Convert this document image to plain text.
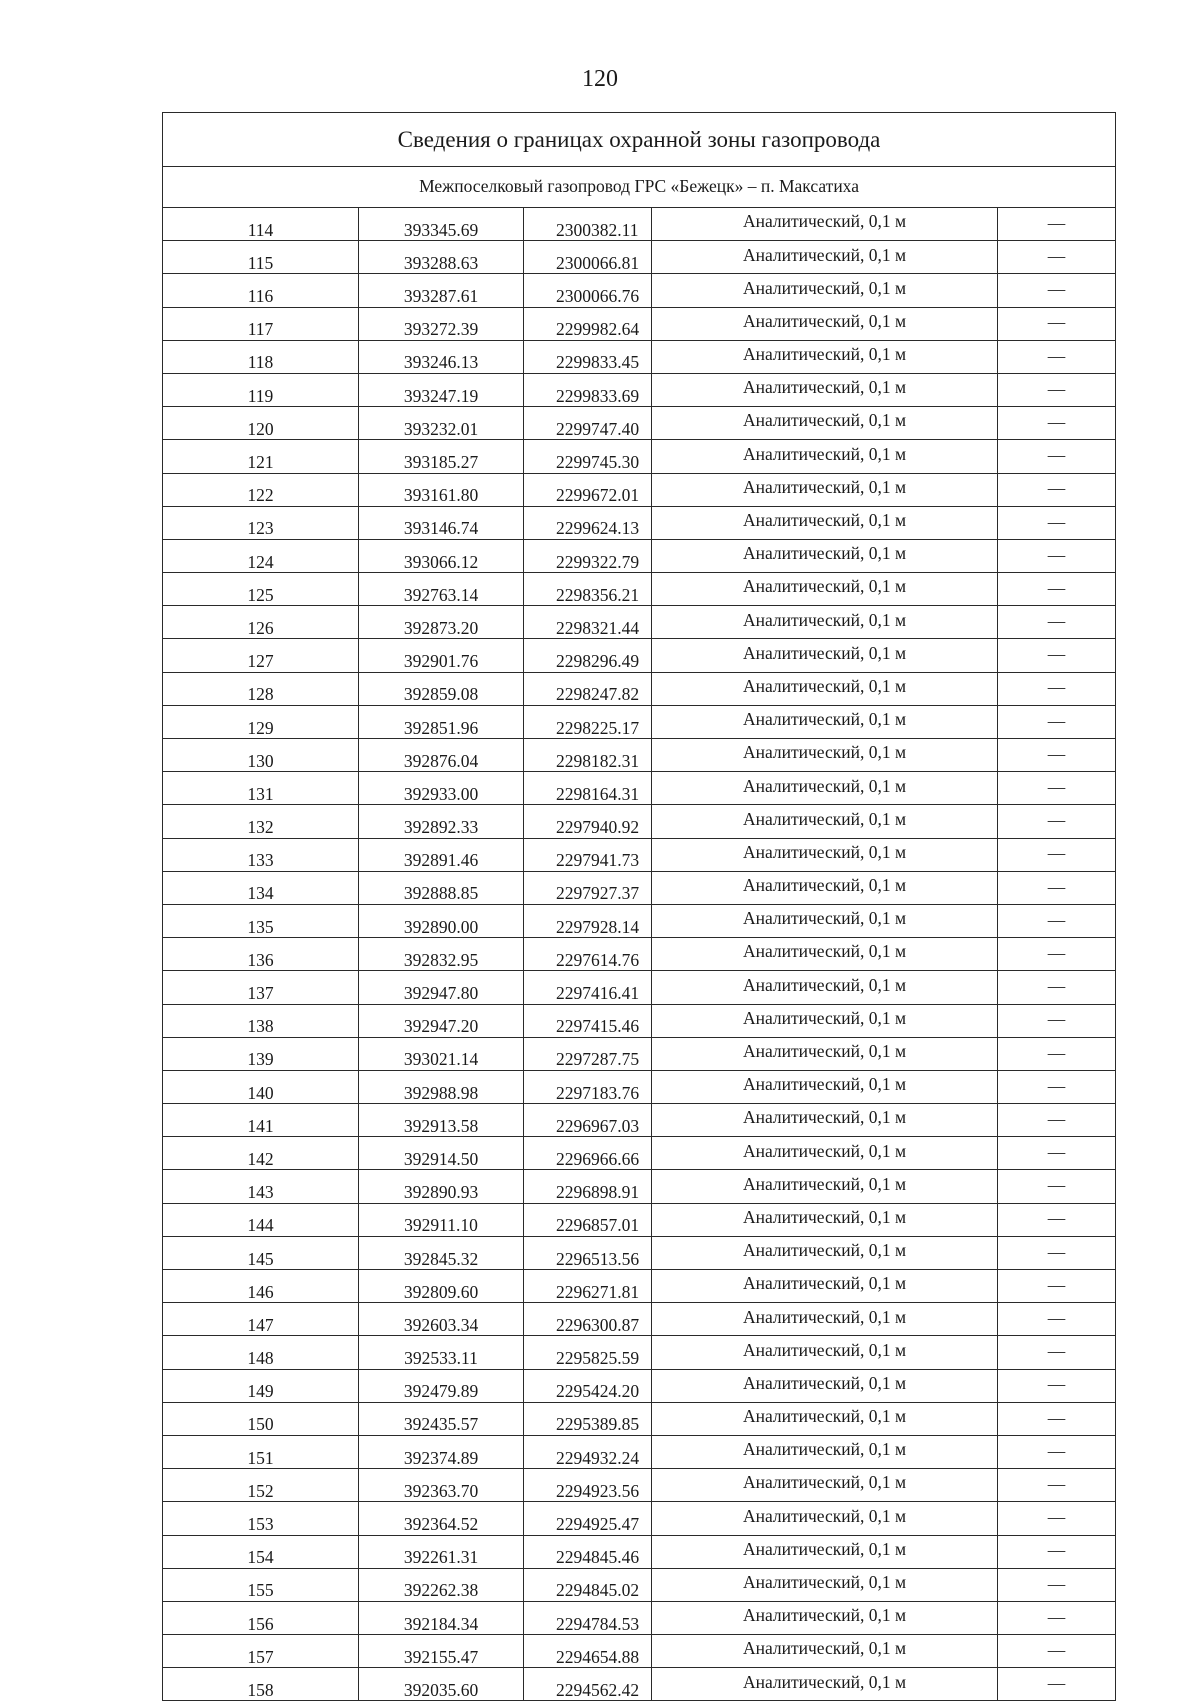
120
Сведения о границах охранной зоны газопровода				
Межпоселковый газопровод ГРС «Бежецк» – п. Максатиха				
114	393345.69	2300382.11	Аналитический, 0,1 м	—
115	393288.63	2300066.81	Аналитический, 0,1 м	—
116	393287.61	2300066.76	Аналитический, 0,1 м	—
117	393272.39	2299982.64	Аналитический, 0,1 м	—
118	393246.13	2299833.45	Аналитический, 0,1 м	—
119	393247.19	2299833.69	Аналитический, 0,1 м	—
120	393232.01	2299747.40	Аналитический, 0,1 м	—
121	393185.27	2299745.30	Аналитический, 0,1 м	—
122	393161.80	2299672.01	Аналитический, 0,1 м	—
123	393146.74	2299624.13	Аналитический, 0,1 м	—
124	393066.12	2299322.79	Аналитический, 0,1 м	—
125	392763.14	2298356.21	Аналитический, 0,1 м	—
126	392873.20	2298321.44	Аналитический, 0,1 м	—
127	392901.76	2298296.49	Аналитический, 0,1 м	—
128	392859.08	2298247.82	Аналитический, 0,1 м	—
129	392851.96	2298225.17	Аналитический, 0,1 м	—
130	392876.04	2298182.31	Аналитический, 0,1 м	—
131	392933.00	2298164.31	Аналитический, 0,1 м	—
132	392892.33	2297940.92	Аналитический, 0,1 м	—
133	392891.46	2297941.73	Аналитический, 0,1 м	—
134	392888.85	2297927.37	Аналитический, 0,1 м	—
135	392890.00	2297928.14	Аналитический, 0,1 м	—
136	392832.95	2297614.76	Аналитический, 0,1 м	—
137	392947.80	2297416.41	Аналитический, 0,1 м	—
138	392947.20	2297415.46	Аналитический, 0,1 м	—
139	393021.14	2297287.75	Аналитический, 0,1 м	—
140	392988.98	2297183.76	Аналитический, 0,1 м	—
141	392913.58	2296967.03	Аналитический, 0,1 м	—
142	392914.50	2296966.66	Аналитический, 0,1 м	—
143	392890.93	2296898.91	Аналитический, 0,1 м	—
144	392911.10	2296857.01	Аналитический, 0,1 м	—
145	392845.32	2296513.56	Аналитический, 0,1 м	—
146	392809.60	2296271.81	Аналитический, 0,1 м	—
147	392603.34	2296300.87	Аналитический, 0,1 м	—
148	392533.11	2295825.59	Аналитический, 0,1 м	—
149	392479.89	2295424.20	Аналитический, 0,1 м	—
150	392435.57	2295389.85	Аналитический, 0,1 м	—
151	392374.89	2294932.24	Аналитический, 0,1 м	—
152	392363.70	2294923.56	Аналитический, 0,1 м	—
153	392364.52	2294925.47	Аналитический, 0,1 м	—
154	392261.31	2294845.46	Аналитический, 0,1 м	—
155	392262.38	2294845.02	Аналитический, 0,1 м	—
156	392184.34	2294784.53	Аналитический, 0,1 м	—
157	392155.47	2294654.88	Аналитический, 0,1 м	—
158	392035.60	2294562.42	Аналитический, 0,1 м	—
